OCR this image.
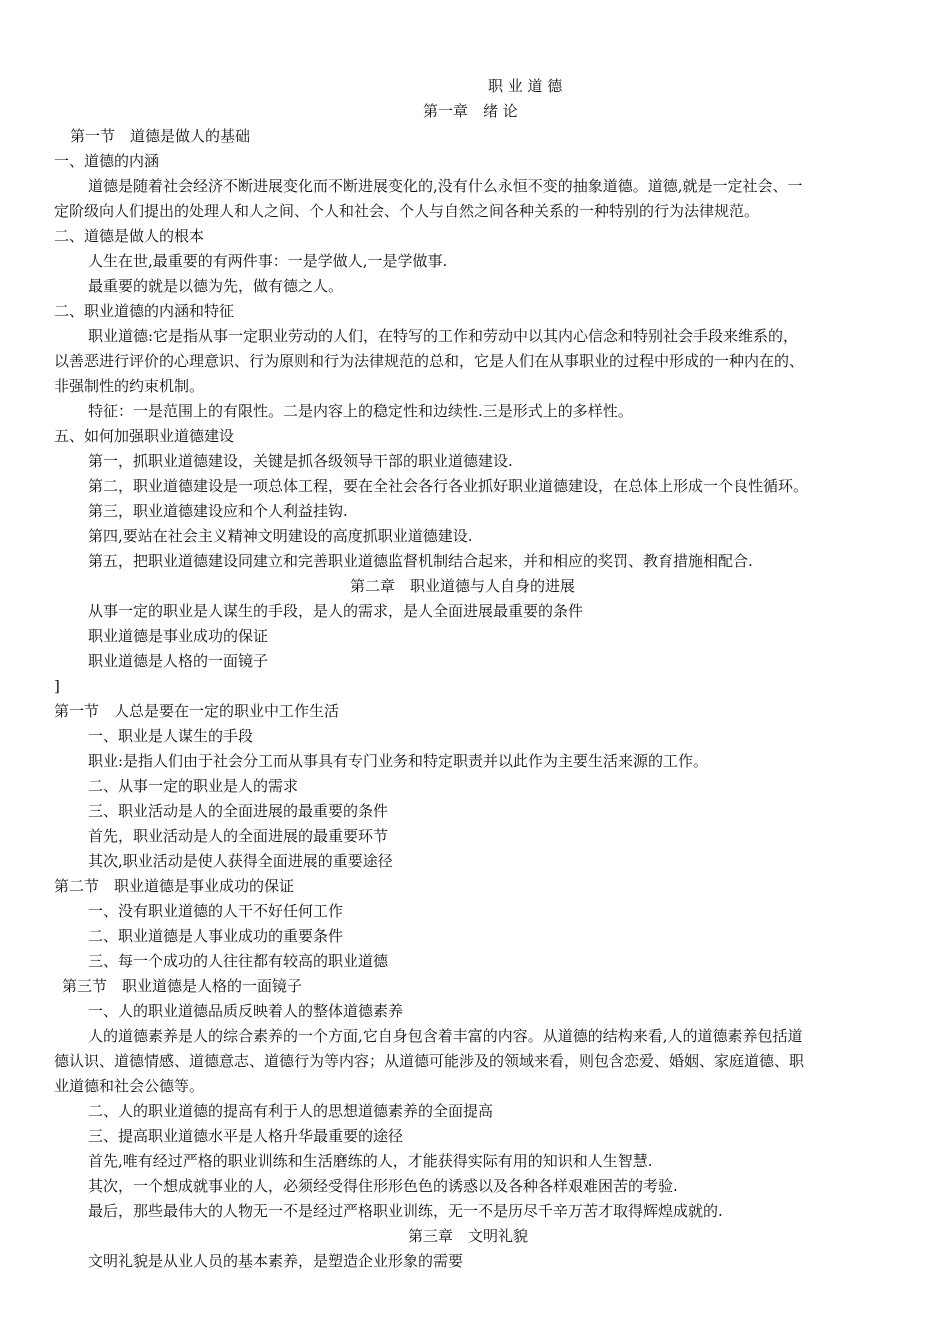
职 业 道 德
第一章　绪 论
第一节　道德是做人的基础
一、道德的内涵
道德是随着社会经济不断进展变化而不断进展变化的,没有什么永恒不变的抽象道德。道德,就是一定社会、一
定阶级向人们提出的处理人和人之间、个人和社会、个人与自然之间各种关系的一种特别的行为法律规范。
二、道德是做人的根本
人生在世,最重要的有两件事：一是学做人,一是学做事.
最重要的就是以德为先，做有德之人。
二、职业道德的内涵和特征
职业道德:它是指从事一定职业劳动的人们，在特写的工作和劳动中以其内心信念和特别社会手段来维系的，
以善恶进行评价的心理意识、行为原则和行为法律规范的总和，它是人们在从事职业的过程中形成的一种内在的、
非强制性的约束机制。
特征：一是范围上的有限性。二是内容上的稳定性和边续性.三是形式上的多样性。
五、如何加强职业道德建设
第一，抓职业道德建设，关键是抓各级领导干部的职业道德建设.
第二，职业道德建设是一项总体工程，要在全社会各行各业抓好职业道德建设，在总体上形成一个良性循环。
第三，职业道德建设应和个人利益挂钩.
第四,要站在社会主义精神文明建设的高度抓职业道德建设.
第五，把职业道德建设同建立和完善职业道德监督机制结合起来，并和相应的奖罚、教育措施相配合.
第二章　职业道德与人自身的进展
从事一定的职业是人谋生的手段，是人的需求，是人全面进展最重要的条件
职业道德是事业成功的保证
职业道德是人格的一面镜子
]
第一节　人总是要在一定的职业中工作生活
一、职业是人谋生的手段
职业:是指人们由于社会分工而从事具有专门业务和特定职责并以此作为主要生活来源的工作。
二、从事一定的职业是人的需求
三、职业活动是人的全面进展的最重要的条件
首先，职业活动是人的全面进展的最重要环节
其次,职业活动是使人获得全面进展的重要途径
第二节　职业道德是事业成功的保证
一、没有职业道德的人干不好任何工作
二、职业道德是人事业成功的重要条件
三、每一个成功的人往往都有较高的职业道德
第三节　职业道德是人格的一面镜子
一、人的职业道德品质反映着人的整体道德素养
人的道德素养是人的综合素养的一个方面,它自身包含着丰富的内容。从道德的结构来看,人的道德素养包括道
德认识、道德情感、道德意志、道德行为等内容；从道德可能涉及的领域来看，则包含恋爱、婚姻、家庭道德、职
业道德和社会公德等。
二、人的职业道德的提高有利于人的思想道德素养的全面提高
三、提高职业道德水平是人格升华最重要的途径
首先,唯有经过严格的职业训练和生活磨练的人，才能获得实际有用的知识和人生智慧.
其次，一个想成就事业的人，必须经受得住形形色色的诱惑以及各种各样艰难困苦的考验.
最后，那些最伟大的人物无一不是经过严格职业训练，无一不是历尽千辛万苦才取得辉煌成就的.
第三章　文明礼貌
文明礼貌是从业人员的基本素养，是塑造企业形象的需要
